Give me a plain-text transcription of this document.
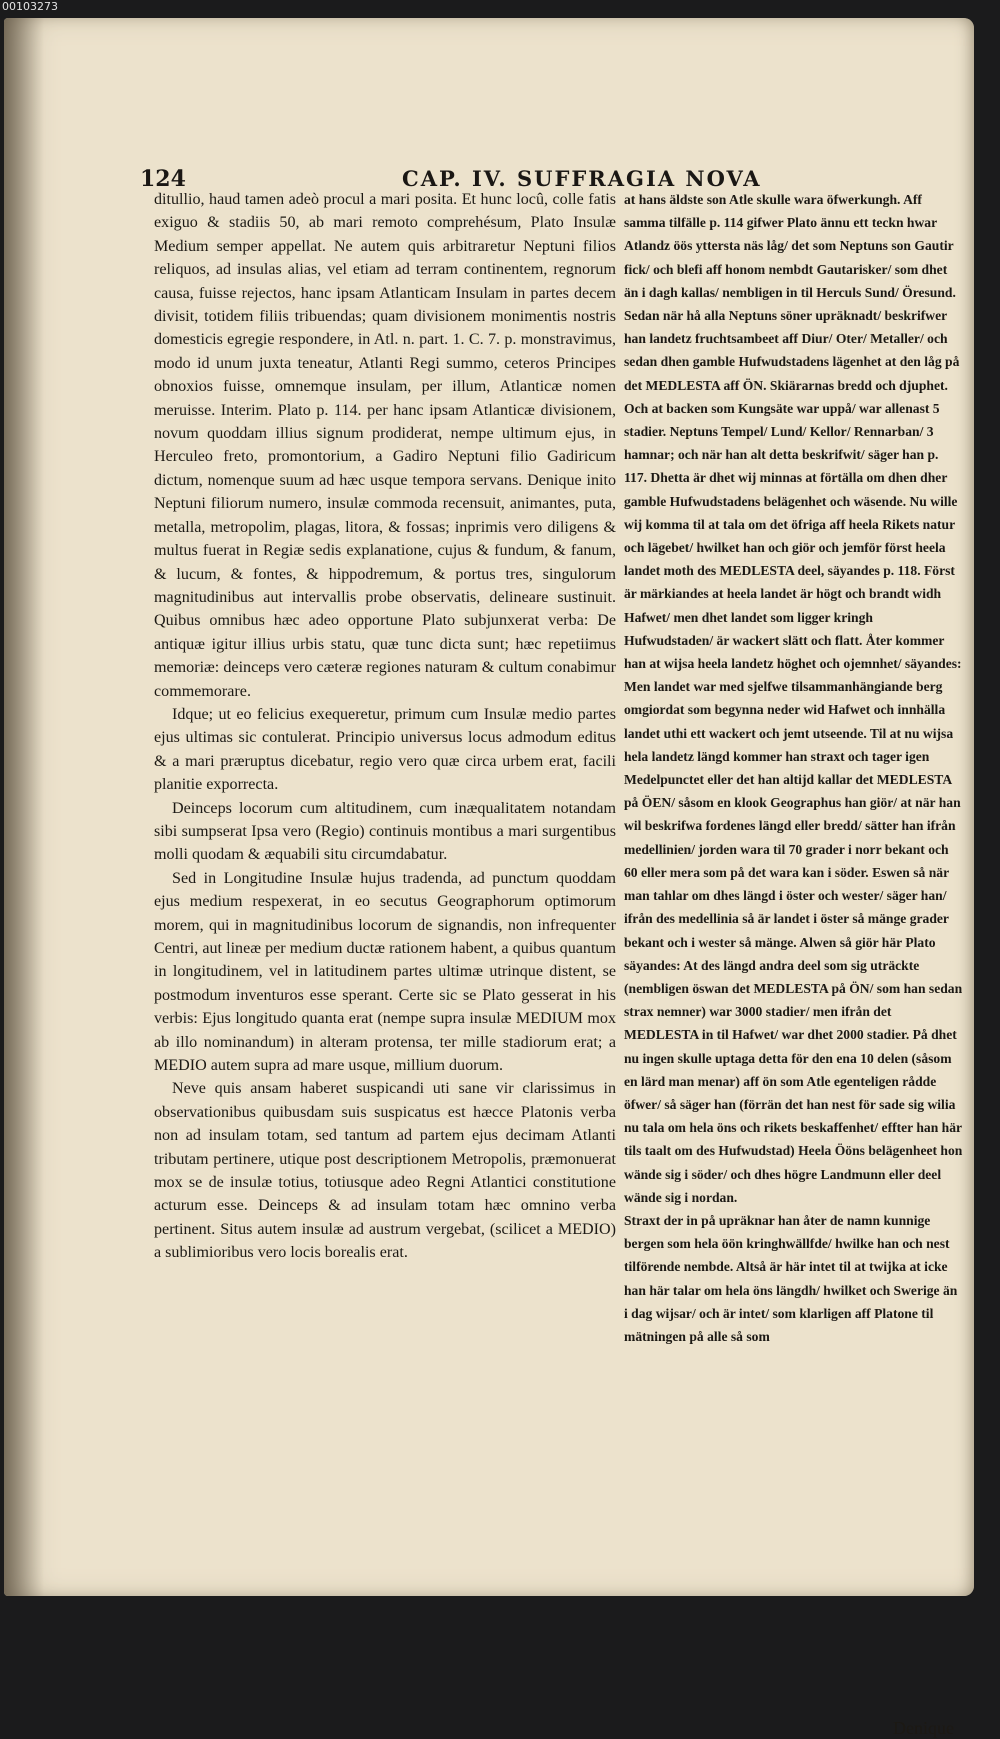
00103273
124	CAP. IV. SUFFRAGIA NOVA

ditullio, haud tamen adeò procul a mari posita. Et hunc locû, colle fatis exiguo & stadiis 50, ab mari remoto comprehésum, Plato Insulæ Medium semper appellat. Ne autem quis arbitraretur Neptuni filios reliquos, ad insulas alias, vel etiam ad terram continentem, regnorum causa, fuisse rejectos, hanc ipsam Atlanticam Insulam in partes decem divisit, totidem filiis tribuendas; quam divisionem monimentis nostris domesticis egregie respondere, in Atl. n. part. 1. C. 7. p. monstravimus, modo id unum juxta teneatur, Atlanti Regi summo, ceteros Principes obnoxios fuisse, omnemque insulam, per illum, Atlanticæ nomen meruisse. Interim. Plato p. 114. per hanc ipsam Atlanticæ divisionem, novum quoddam illius signum prodiderat, nempe ultimum ejus, in Herculeo freto, promontorium, a Gadiro Neptuni filio Gadiricum dictum, nomenque suum ad hæc usque tempora servans. Denique inito Neptuni filiorum numero, insulæ commoda recensuit, animantes, puta, metalla, metropolim, plagas, litora, & fossas; inprimis vero diligens & multus fuerat in Regiæ sedis explanatione, cujus & fundum, & fanum, & lucum, & fontes, & hippodremum, & portus tres, singulorum magnitudinibus aut intervallis probe observatis, delineare sustinuit. Quibus omnibus hæc adeo opportune Plato subjunxerat verba: De antiquæ igitur illius urbis statu, quæ tunc dicta sunt; hæc repetiimus memoriæ: deinceps vero cæteræ regiones naturam & cultum conabimur commemorare.

Idque; ut eo felicius exequeretur, primum cum Insulæ medio partes ejus ultimas sic contulerat. Principio universus locus admodum editus & a mari præruptus dicebatur, regio vero quæ circa urbem erat, facili planitie exporrecta.

Deinceps locorum cum altitudinem, cum inæqualitatem notandam sibi sumpserat Ipsa vero (Regio) continuis montibus a mari surgentibus molli quodam & æquabili situ circumdabatur.

Sed in Longitudine Insulæ hujus tradenda, ad punctum quoddam ejus medium respexerat, in eo secutus Geographorum optimorum morem, qui in magnitudinibus locorum de signandis, non infrequenter Centri, aut lineæ per medium ductæ rationem habent, a quibus quantum in longitudinem, vel in latitudinem partes ultimæ utrinque distent, se postmodum inventuros esse sperant. Certe sic se Plato gesserat in his verbis: Ejus longitudo quanta erat (nempe supra insulæ MEDIUM mox ab illo nominandum) in alteram protensa, ter mille stadiorum erat; a MEDIO autem supra ad mare usque, millium duorum.

Neve quis ansam haberet suspicandi uti sane vir clarissimus in observationibus quibusdam suis suspicatus est hæcce Platonis verba non ad insulam totam, sed tantum ad partem ejus decimam Atlanti tributam pertinere, utique post descriptionem Metropolis, præmonuerat mox se de insulæ totius, totiusque adeo Regni Atlantici constitutione acturum esse. Deinceps & ad insulam totam hæc omnino verba pertinent. Situs autem insulæ ad austrum vergebat, (scilicet a MEDIO) a sublimioribus vero locis borealis erat.

at hans äldste son Atle skulle wara öfwerkungh. Aff samma tilfälle p. 114 gifwer Plato ännu ett teckn hwar Atlandz öös yttersta näs låg/ det som Neptuns son Gautir fick/ och blefi aff honom nembdt Gautarisker/ som dhet än i dagh kallas/ nembligen in til Herculs Sund/ Öresund. Sedan när hå alla Neptuns söner upräknadt/ beskrifwer han landetz fruchtsambeet aff Diur/ Oter/ Metaller/ och sedan dhen gamble Hufwudstadens lägenhet at den låg på det MEDLESTA aff ÖN. Skiärarnas bredd och djuphet. Och at backen som Kungsäte war uppå/ war allenast 5 stadier. Neptuns Tempel/ Lund/ Kellor/ Rennarban/ 3 hamnar; och när han alt detta beskrifwit/ säger han p. 117. Dhetta är dhet wij minnas at förtälla om dhen dher gamble Hufwudstadens belägenhet och wäsende. Nu wille wij komma til at tala om det öfriga aff heela Rikets natur och lägebet/ hwilket han och giör och jemför först heela landet moth des MEDLESTA deel, säyandes p. 118. Först är märkiandes at heela landet är högt och brandt widh Hafwet/ men dhet landet som ligger kringh Hufwudstaden/ är wackert slätt och flatt. Åter kommer han at wijsa heela landetz höghet och ojemnhet/ säyandes: Men landet war med sjelfwe tilsammanhängiande berg omgiordat som begynna neder wid Hafwet och innhälla landet uthi ett wackert och jemt utseende. Til at nu wijsa hela landetz längd kommer han straxt och tager igen Medelpunctet eller det han altijd kallar det MEDLESTA på ÖEN/ såsom en klook Geographus han giör/ at när han wil beskrifwa fordenes längd eller bredd/ sätter han ifrån medellinien/ jorden wara til 70 grader i norr bekant och 60 eller mera som på det wara kan i söder. Eswen så när man tahlar om dhes längd i öster och wester/ säger han/ ifrån des medellinia så är landet i öster så mänge grader bekant och i wester så mänge. Alwen så giör här Plato säyandes: At des längd andra deel som sig uträckte (nembligen öswan det MEDLESTA på ÖN/ som han sedan strax nemner) war 3000 stadier/ men ifrån det MEDLESTA in til Hafwet/ war dhet 2000 stadier. På dhet nu ingen skulle uptaga detta för den ena 10 delen (såsom en lärd man menar) aff ön som Atle egenteligen rådde öfwer/ så säger han (förrän det han nest för sade sig wilia nu tala om hela öns och rikets beskaffenhet/ effter han här tils taalt om des Hufwudstad) Heela Ööns belägenheet hon wände sig i söder/ och dhes högre Landmunn eller deel wände sig i nordan.

Straxt der in på upräknar han åter de namn kunnige bergen som hela öön kringhwällfde/ hwilke han och nest tilförende nembde. Altså är här intet til at twijka at icke han här talar om hela öns längdh/ hwilket och Swerige än i dag wijsar/ och är intet/ som klarligen aff Platone til mätningen på alle så som

Denique
